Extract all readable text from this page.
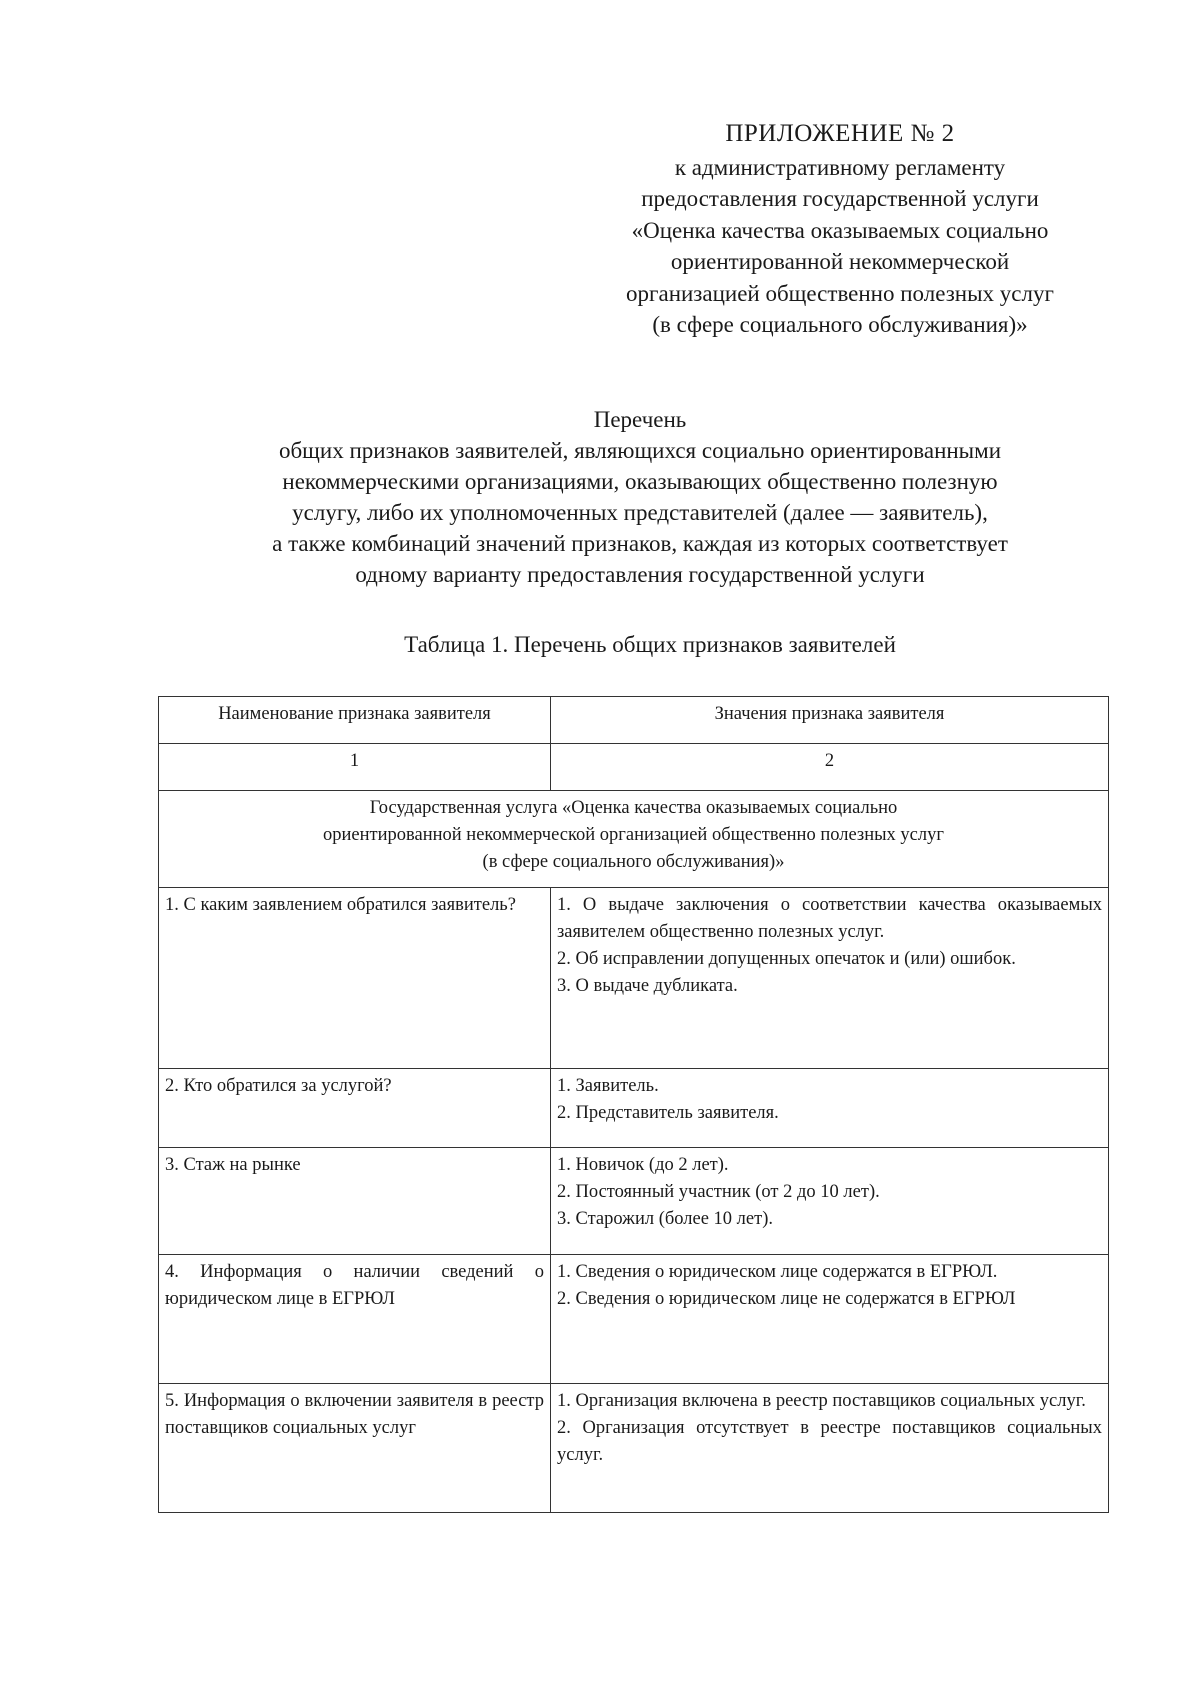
ПРИЛОЖЕНИЕ № 2
к административному регламенту
предоставления государственной услуги
«Оценка качества оказываемых социально
ориентированной некоммерческой
организацией общественно полезных услуг
(в сфере социального обслуживания)»
Перечень
общих признаков заявителей, являющихся социально ориентированными
некоммерческими организациями, оказывающих общественно полезную
услугу, либо их уполномоченных представителей (далее — заявитель),
а также комбинаций значений признаков, каждая из которых соответствует
одному варианту предоставления государственной услуги
Таблица 1. Перечень общих признаков заявителей
Наименование признака заявителя	Значения признака заявителя
1	2

Государственная услуга «Оценка качества оказываемых социально
ориентированной некоммерческой организацией общественно полезных услуг
(в сфере социального обслуживания)»	

1. С каким заявлением обратился заявитель?	1. О выдаче заключения о соответствии качества оказываемых заявителем общественно полезных услуг.
2. Об исправлении допущенных опечаток и (или) ошибок.
3. О выдаче дубликата.

2. Кто обратился за услугой?	1. Заявитель.
2. Представитель заявителя.

3. Стаж на рынке	1. Новичок (до 2 лет).
2. Постоянный участник (от 2 до 10 лет).
3. Старожил (более 10 лет).

4. Информация о наличии сведений о юридическом лице в ЕГРЮЛ	1. Сведения о юридическом лице содержатся в ЕГРЮЛ.
2. Сведения о юридическом лице не содержатся в ЕГРЮЛ

5. Информация о включении заявителя в реестр поставщиков социальных услуг	1. Организация включена в реестр поставщиков социальных услуг.
2. Организация отсутствует в реестре поставщиков социальных услуг.
